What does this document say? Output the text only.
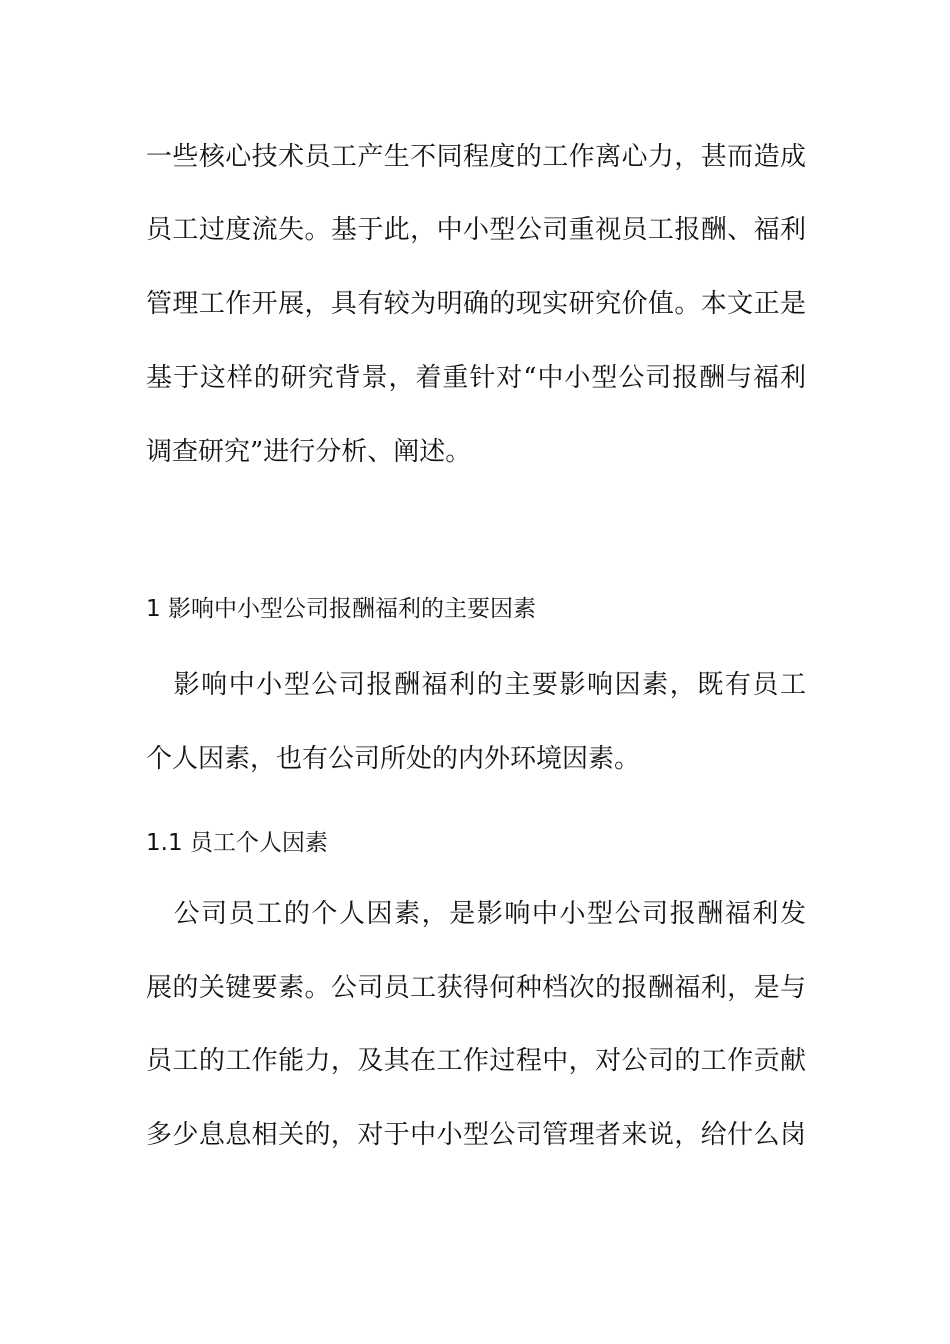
一些核心技术员工产生不同程度的工作离心力，甚而造成
员工过度流失。基于此，中小型公司重视员工报酬、福利
管理工作开展，具有较为明确的现实研究价值。本文正是
基于这样的研究背景，着重针对“中小型公司报酬与福利
调查研究”进行分析、阐述。
1 影响中小型公司报酬福利的主要因素
　影响中小型公司报酬福利的主要影响因素，既有员工
个人因素，也有公司所处的内外环境因素。
1.1 员工个人因素
　公司员工的个人因素，是影响中小型公司报酬福利发
展的关键要素。公司员工获得何种档次的报酬福利，是与
员工的工作能力，及其在工作过程中，对公司的工作贡献
多少息息相关的，对于中小型公司管理者来说，给什么岗
